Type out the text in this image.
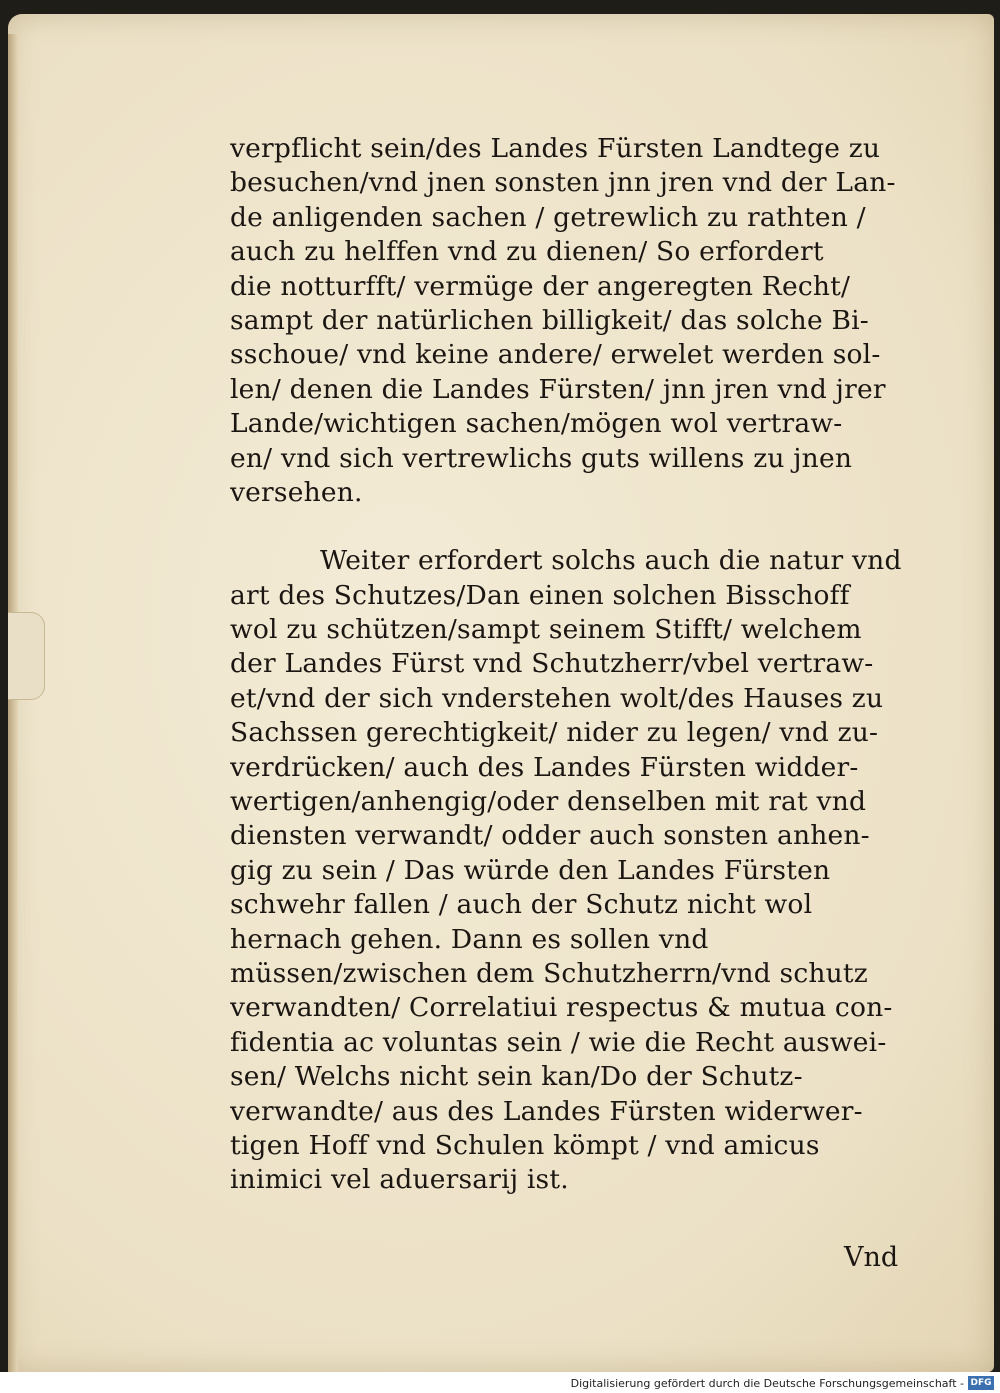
verpflicht sein/des Landes Fürsten Landtege zu
besuchen/vnd jnen sonsten jnn jren vnd der Lan-
de anligenden sachen / getrewlich zu rathten /
auch zu helffen vnd zu dienen/ So erfordert
die notturfft/ vermüge der angeregten Recht/
sampt der natürlichen billigkeit/ das solche Bi-
sschoue/ vnd keine andere/ erwelet werden sol-
len/ denen die Landes Fürsten/ jnn jren vnd jrer
Lande/wichtigen sachen/mögen wol vertraw-
en/ vnd sich vertrewlichs guts willens zu jnen
versehen.
Weiter erfordert solchs auch die natur vnd
art des Schutzes/Dan einen solchen Bisschoff
wol zu schützen/sampt seinem Stifft/ welchem
der Landes Fürst vnd Schutzherr/vbel vertraw-
et/vnd der sich vnderstehen wolt/des Hauses zu
Sachssen gerechtigkeit/ nider zu legen/ vnd zu-
verdrücken/ auch des Landes Fürsten widder-
wertigen/anhengig/oder denselben mit rat vnd
diensten verwandt/ odder auch sonsten anhen-
gig zu sein / Das würde den Landes Fürsten
schwehr fallen / auch der Schutz nicht wol
hernach gehen. Dann es sollen vnd
müssen/zwischen dem Schutzherrn/vnd schutz
verwandten/ Correlatiui respectus & mutua con-
fidentia ac voluntas sein / wie die Recht auswei-
sen/ Welchs nicht sein kan/Do der Schutz-
verwandte/ aus des Landes Fürsten widerwer-
tigen Hoff vnd Schulen kömpt / vnd amicus
inimici vel aduersarij ist.
Vnd
Digitalisierung gefördert durch die Deutsche Forschungsgemeinschaft - DFG
